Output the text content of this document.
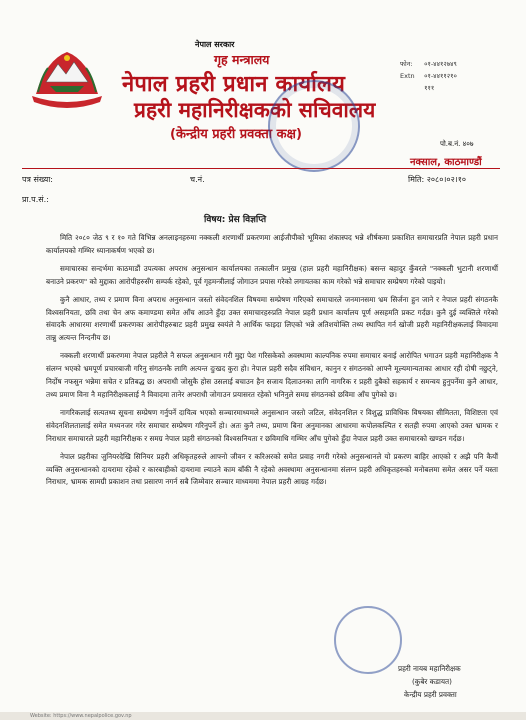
नेपाल सरकार
गृह मन्त्रालय
नेपाल प्रहरी प्रधान कार्यालय
प्रहरी महानिरीक्षकको सचिवालय
(केन्द्रीय प्रहरी प्रवक्ता कक्ष)
फोन: ०१-४४१२७४९
Extn ०१-४४११२१०
१११
पो.ब.नं. ४०७
नक्साल, काठमाण्डौं
पत्र संख्या:	च.नं.	मिति: २०८०।०२।१०
प्रा.प.सं.:
विषय: प्रेस विज्ञप्ति

मिति २०८० जेठ ९ र १० गते विभिन्न अनलाइनहरुमा नक्कली शरणार्थी प्रकरणमा आईजीपीको भूमिका शंकास्पद भन्ने शीर्षकमा प्रकाशित समाचारप्रति नेपाल प्रहरी प्रधान कार्यालयको गम्भिर ध्यानाकर्षण भएको छ।

समाचारका सन्दर्भमा काठमाडौं उपत्यका अपराध अनुसन्धान कार्यालयका तत्कालीन प्रमुख (हाल प्रहरी महानिरीक्षक) बसन्त बहादुर कुँवरले "नक्कली भुटानी शरणार्थी बनाउने प्रकरण" को मुद्दाका आरोपीहरुसँग सम्पर्क रहेको, पूर्व गृहमन्त्रीलाई जोगाउन प्रयास गरेको लगायतका काम गरेको भन्ने समाचार सम्प्रेषण गरेको पाइयो।

कुनै आधार, तथ्य र प्रमाण विना अपराध अनुसन्धान जस्तो संवेदनशिल विषयमा सम्प्रेषण गरिएको समाचारले जनमानसमा भ्रम सिर्जना हुन जाने र नेपाल प्रहरी संगठनकै विश्वसनियता, छवि तथा चेन अफ कमाण्डमा समेत आँच आउने हुँदा उक्त समाचारहरुप्रति नेपाल प्रहरी प्रधान कार्यालय पूर्ण असहमति प्रकट गर्दछ। कुनै दुई व्यक्तिले गरेको संवादकै आधारमा शरणार्थी प्रकरणका आरोपीहरुबाट प्रहरी प्रमुख स्वयंले नै आर्थिक फाइदा लिएको भन्ने अतिशयोक्ति तथ्य स्थापित गर्न खोजी प्रहरी महानिरीक्षकलाई विवादमा तान्नु अत्यन्त निन्दनीय छ।

नक्कली शरणार्थी प्रकरणमा नेपाल प्रहरीले नै सफल अनुसन्धान गरी मुद्दा पेश गरिसकेको अवस्थामा काल्पनिक रुपमा समाचार बनाई आरोपित भगाउन प्रहरी महानिरीक्षक नै संलग्न भएको भ्रमपूर्ण प्रचारबाजी गरिनु संगठनकै लागि अत्यन्त दुःखद कुरा हो। नेपाल प्रहरी सदैव संविधान, कानुन र संगठनको आफ्नै मूल्यमान्यताका आधार रही दोषी नछुट्ने, निर्दोष नफसुन भन्नेमा सचेत र प्रतिबद्ध छ। अपराधी जोसुकै होस उसलाई बचाउन हैन सजाय दिलाउनका लागि नागरिक र प्रहरी दुबैको सहकार्य र समन्वय हुनुपर्नेमा कुनै आधार, तथ्य प्रमाण विना नै महानिरीक्षकलाई नै विवादमा तानेर अपराधी जोगाउन प्रयासरत रहेको भनिनुले समग्र संगठनको छविमा आँच पुगेको छ।

नागरिकलाई सत्यतथ्य सूचना सम्प्रेषण गर्नुपर्ने दायित्व भएको सञ्चारमाध्यमले अनुसन्धान जस्तो जटिल, संवेदनशिल र विशुद्ध प्राविधिक विषयका सीमितता, विशिष्टता एवं संवेदनशिलतालाई समेत मध्यनजर गरेर समाचार सम्प्रेषण गरिनुपर्ने हो। अतः कुनै तथ्य, प्रमाण बिना अनुमानका आधारमा कपोलकल्पित र सतही रुपमा आएको उक्त भ्रामक र निराधार समाचारले प्रहरी महानिरीक्षक र समग्र नेपाल प्रहरी संगठनको विश्वसनियता र छविमाथि गम्भिर आँच पुगेको हुँदा नेपाल प्रहरी उक्त समाचारको खण्डन गर्दछ।

नेपाल प्रहरीका जुनियरदेखि सिनियर प्रहरी अधिकृतहरुले आफ्नो जीवन र करिअरको समेत प्रवाह नगरी गरेको अनुसन्धानले यो प्रकरण बाहिर आएको र अझै पनि कैयौं व्यक्ति अनुसन्धानको दायरामा रहेको र कारबाहीको दायरामा ल्याउने काम बाँकी नै रहेको अवस्थामा अनुसन्धानमा संलग्न प्रहरी अधिकृतहरुको मनोबलमा समेत असर पर्ने यस्ता निराधार, भ्रामक सामग्री प्रकाशन तथा प्रसारण नगर्न सबै जिम्मेवार सञ्चार माध्यममा नेपाल प्रहरी आग्रह गर्दछ।

प्रहरी नायब महानिरीक्षक
(कुबेर कडायत)
केन्द्रीय प्रहरी प्रवक्ता
Website: https://www.nepalpolice.gov.np
